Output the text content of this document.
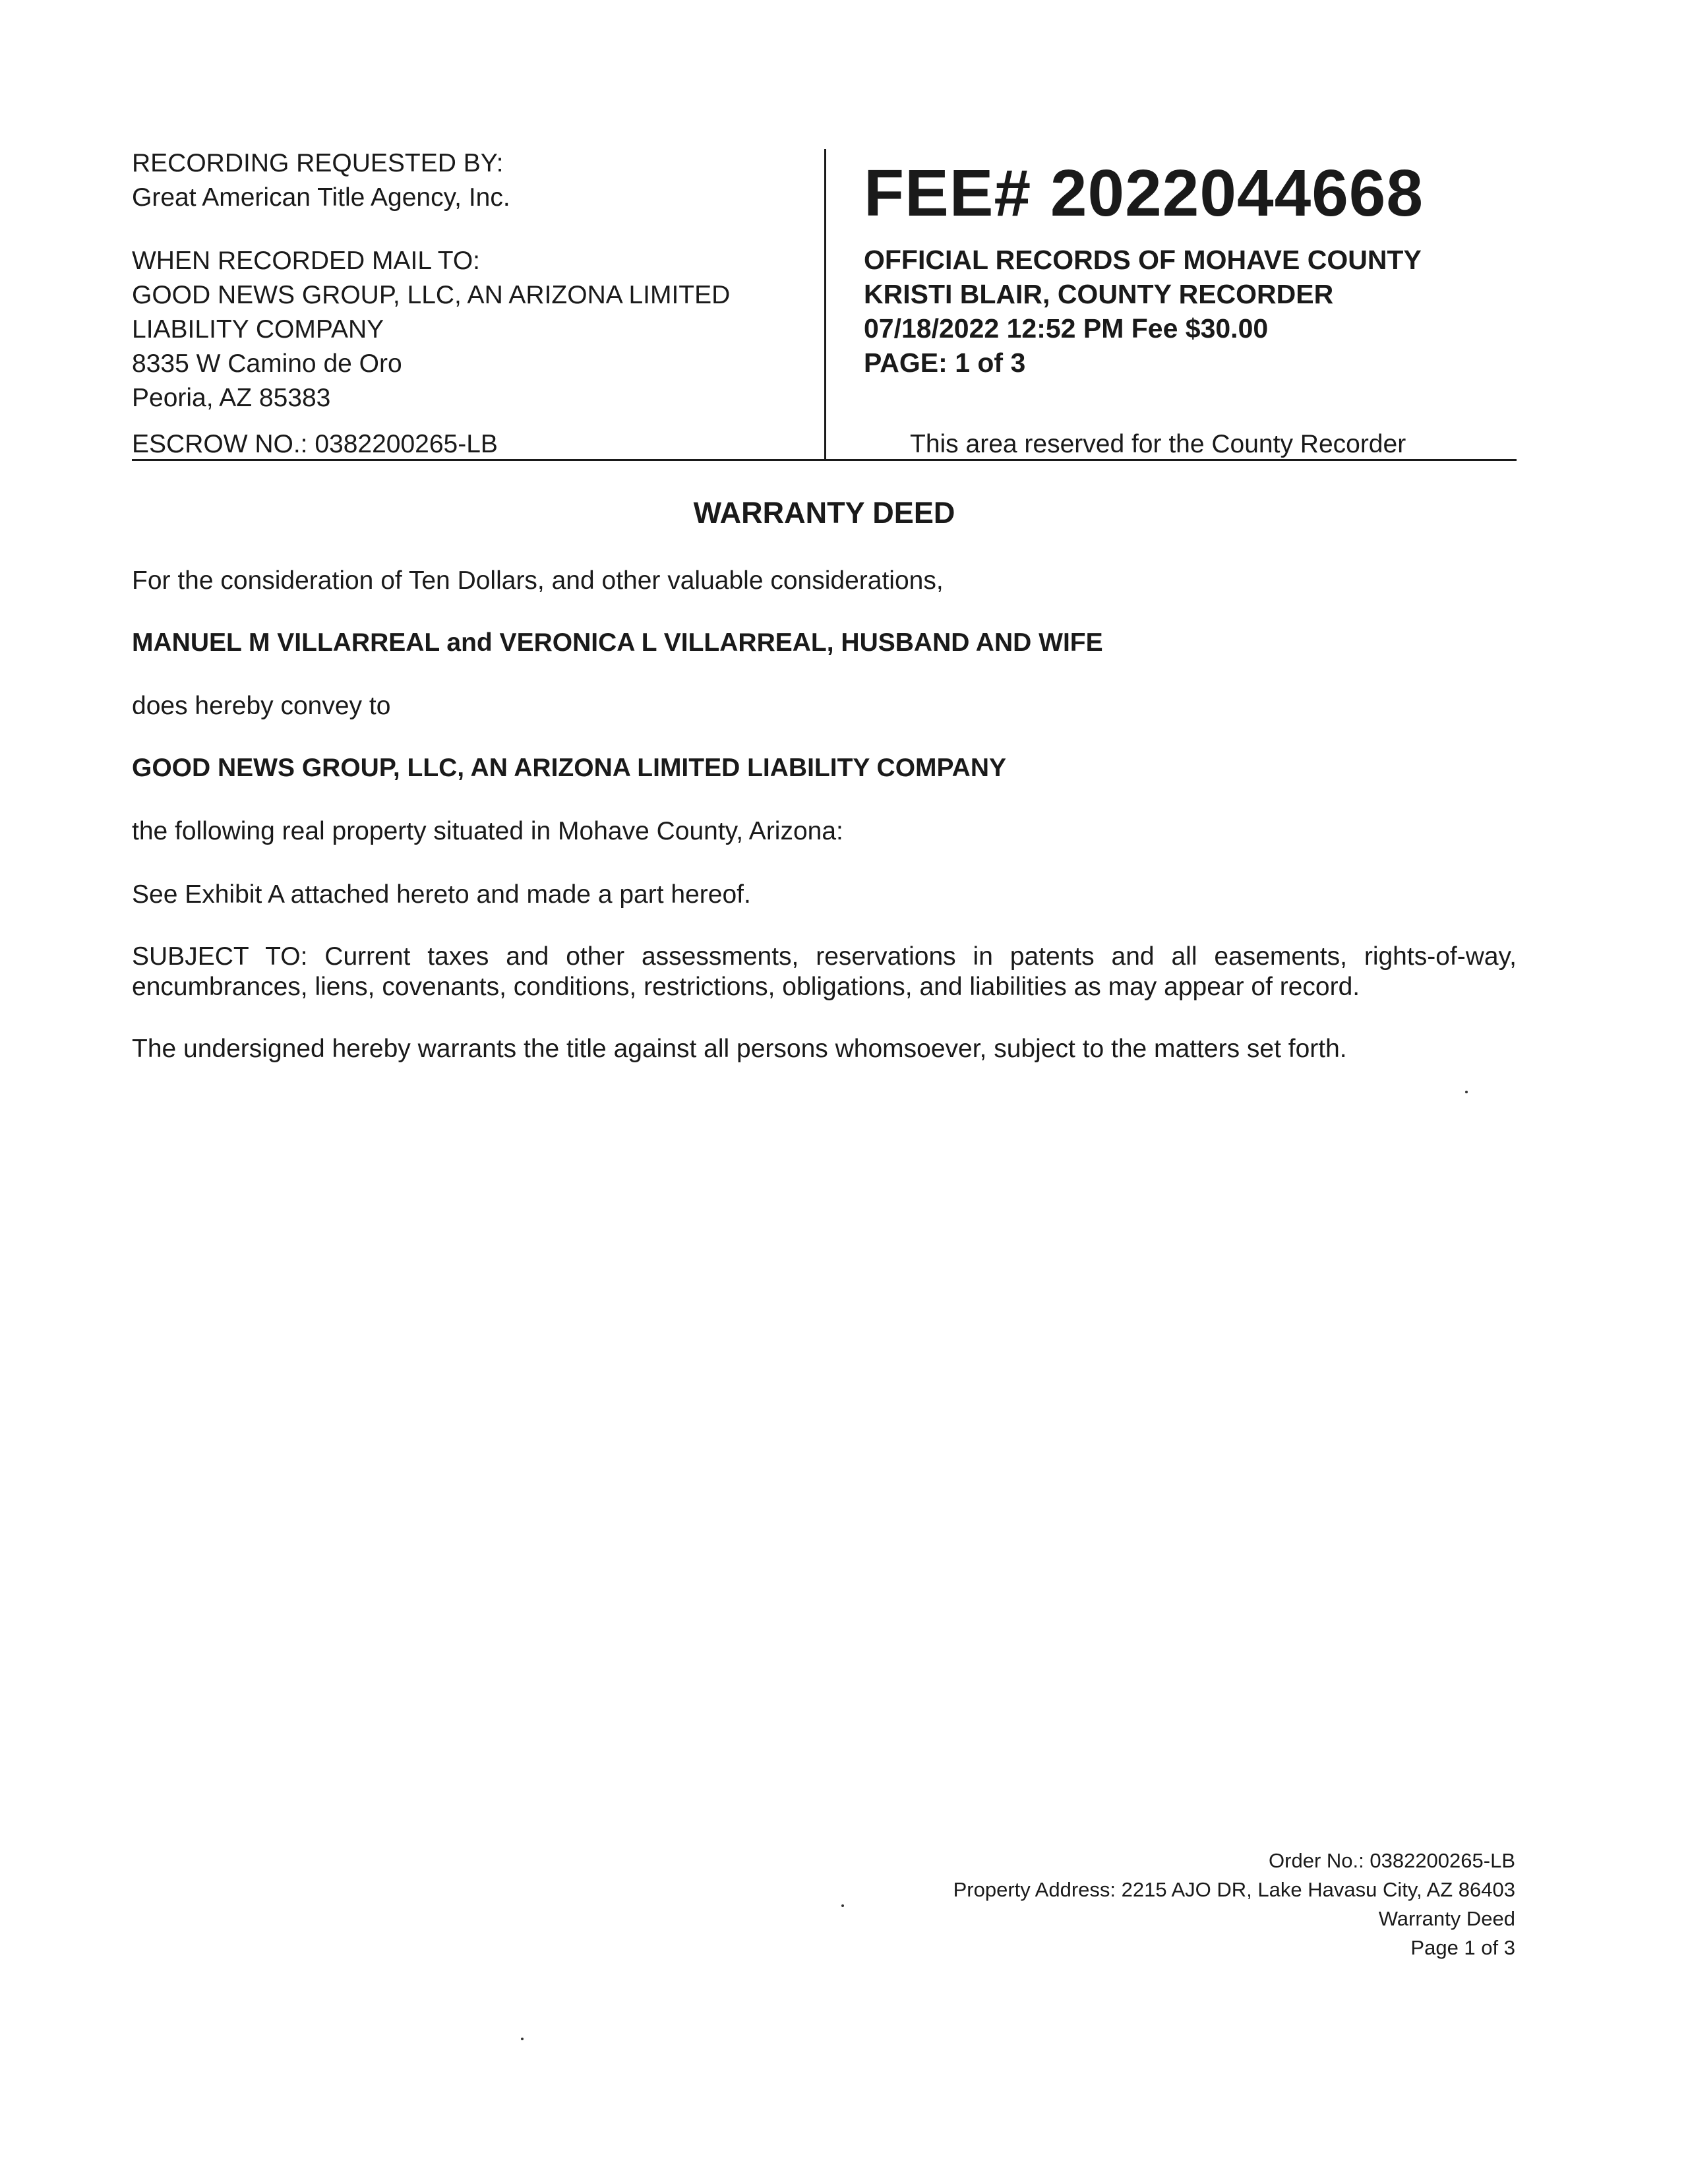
RECORDING REQUESTED BY:
Great American Title Agency, Inc.
WHEN RECORDED MAIL TO:
GOOD NEWS GROUP, LLC, AN ARIZONA LIMITED
LIABILITY COMPANY
8335 W Camino de Oro
Peoria, AZ 85383
ESCROW NO.: 0382200265-LB
FEE# 2022044668
OFFICIAL RECORDS OF MOHAVE COUNTY
KRISTI BLAIR, COUNTY RECORDER
07/18/2022 12:52 PM Fee $30.00
PAGE: 1 of 3
This area reserved for the County Recorder
WARRANTY DEED
For the consideration of Ten Dollars, and other valuable considerations,
MANUEL M VILLARREAL and VERONICA L VILLARREAL, HUSBAND AND WIFE
does hereby convey to
GOOD NEWS GROUP, LLC, AN ARIZONA LIMITED LIABILITY COMPANY
the following real property situated in Mohave County, Arizona:
See Exhibit A attached hereto and made a part hereof.
SUBJECT TO: Current taxes and other assessments, reservations in patents and all easements, rights-of-way, encumbrances, liens, covenants, conditions, restrictions, obligations, and liabilities as may appear of record.
The undersigned hereby warrants the title against all persons whomsoever, subject to the matters set forth.
Order No.: 0382200265-LB
Property Address: 2215 AJO DR, Lake Havasu City, AZ 86403
Warranty Deed
Page 1 of 3
